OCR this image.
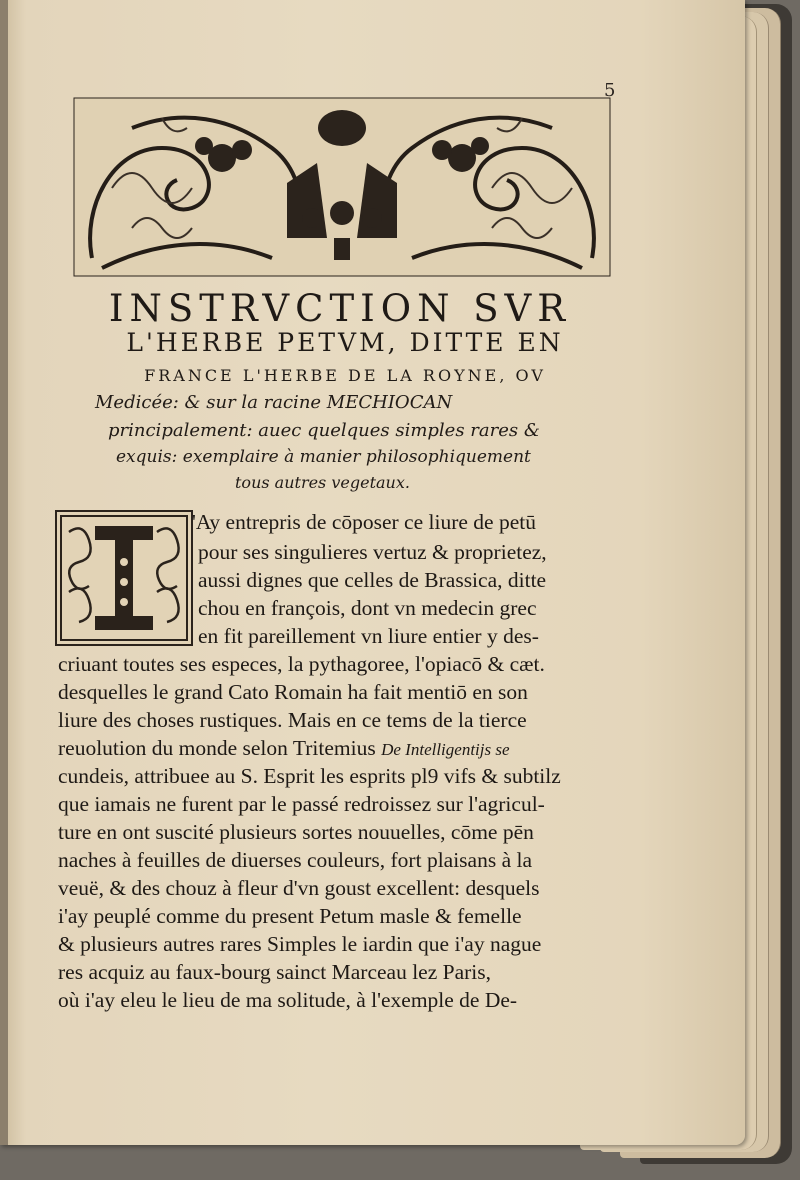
5
INSTRVCTION SVR
L'HERBE PETVM, DITTE EN
FRANCE L'HERBE DE LA ROYNE, OV
Medicée: & sur la racine MECHIOCAN
principalement: auec quelques simples rares &
exquis: exemplaire à manier philosophiquement
tous autres vegetaux.
'Ay entrepris de cōposer ce liure de petū
pour ses singulieres vertuz & proprietez,
aussi dignes que celles de Brassica, ditte
chou en françois, dont vn medecin grec
en fit pareillement vn liure entier y des-
criuant toutes ses especes, la pythagoree, l'opiacō & cæt.
desquelles le grand Cato Romain ha fait mentiō en son
liure des choses rustiques. Mais en ce tems de la tierce
reuolution du monde selon Tritemius De Intelligentijs se
cundeis, attribuee au S. Esprit les esprits pl9 vifs & subtilz
que iamais ne furent par le passé redroissez sur l'agricul-
ture en ont suscité plusieurs sortes nouuelles, cōme pēn
naches à feuilles de diuerses couleurs, fort plaisans à la
veuë, & des chouz à fleur d'vn goust excellent: desquels
i'ay peuplé comme du present Petum masle & femelle
& plusieurs autres rares Simples le iardin que i'ay nague
res acquiz au faux-bourg sainct Marceau lez Paris,
où i'ay eleu le lieu de ma solitude, à l'exemple de De-
